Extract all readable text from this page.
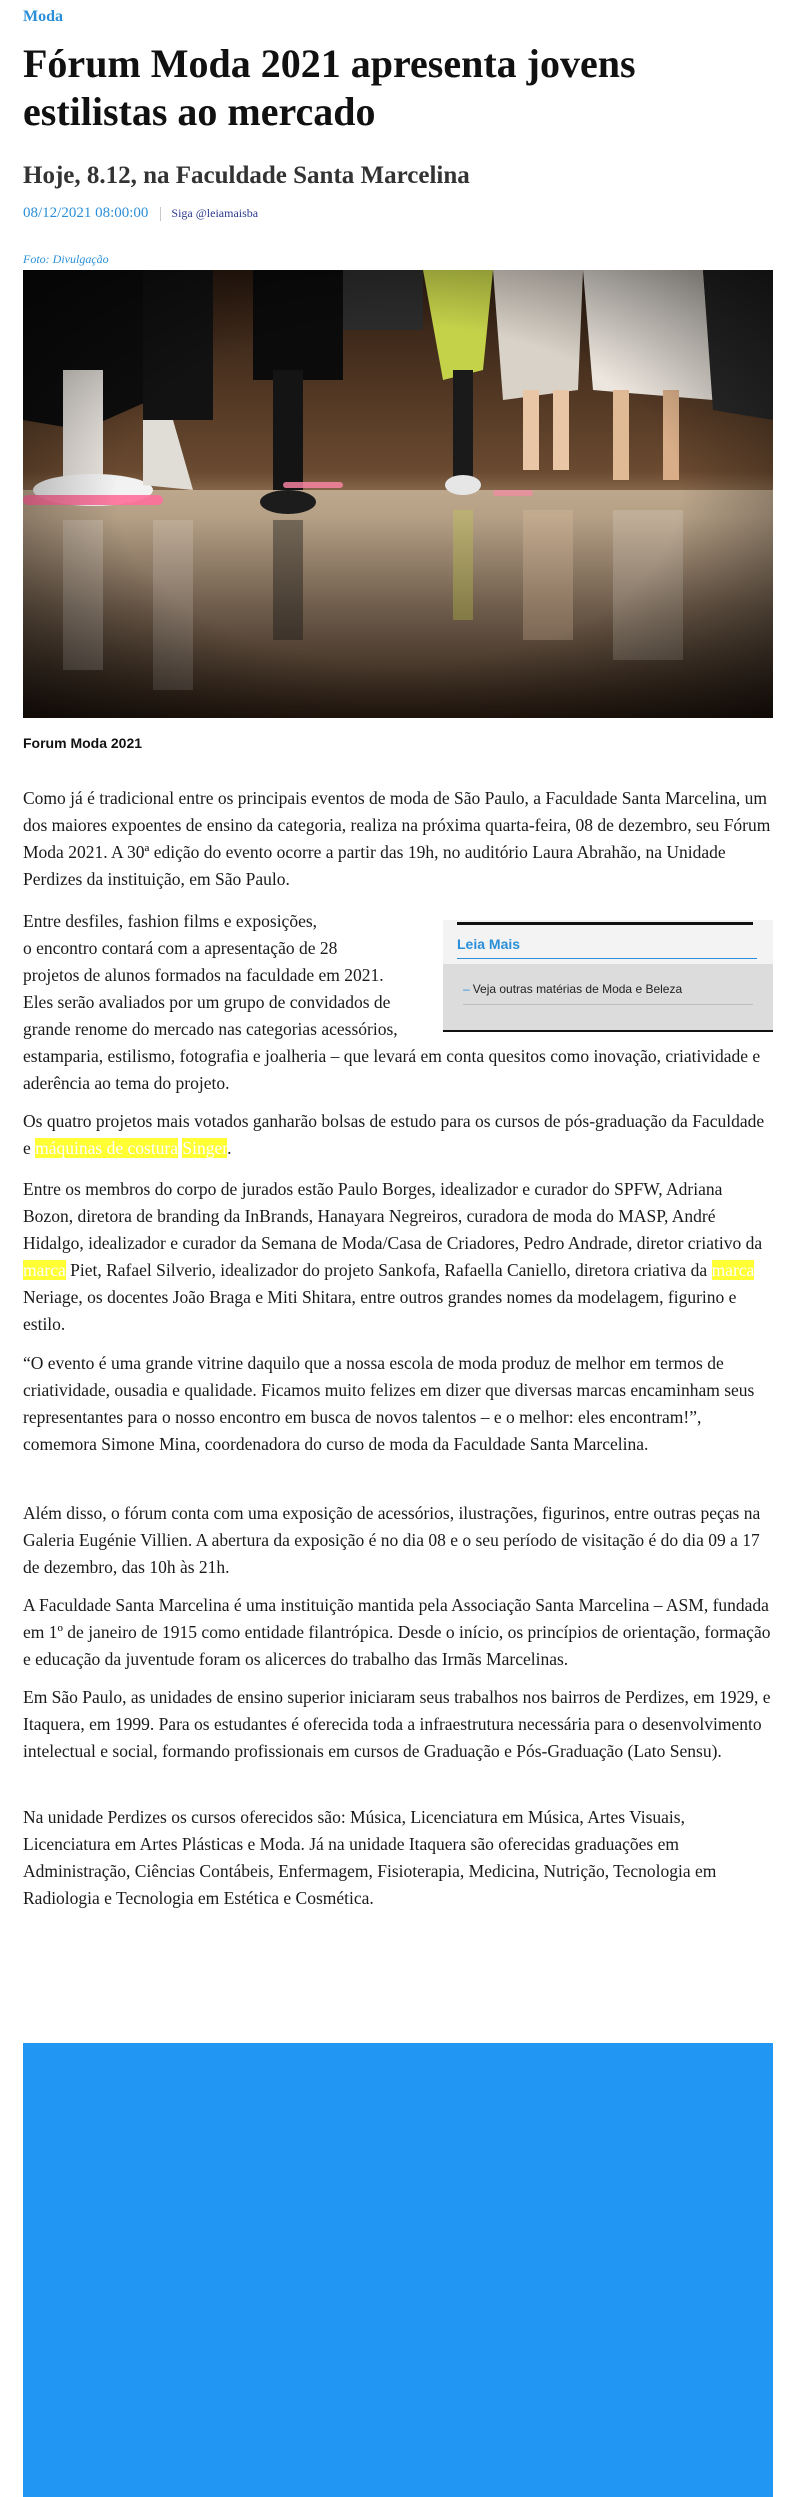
Moda
Fórum Moda 2021 apresenta jovens estilistas ao mercado
Hoje, 8.12, na Faculdade Santa Marcelina
08/12/2021 08:00:00 Siga @leiamaisba
Foto: Divulgação
Forum Moda 2021

Como já é tradicional entre os principais eventos de moda de São Paulo, a Faculdade Santa Marcelina, um dos maiores expoentes de ensino da categoria, realiza na próxima quarta-feira, 08 de dezembro, seu Fórum Moda 2021. A 30ª edição do evento ocorre a partir das 19h, no auditório Laura Abrahão, na Unidade Perdizes da instituição, em São Paulo.

Entre desfiles, fashion films e exposições,
o encontro contará com a apresentação de 28
projetos de alunos formados na faculdade em 2021.
Eles serão avaliados por um grupo de convidados de
grande renome do mercado nas categorias acessórios,

estamparia, estilismo, fotografia e joalheria – que levará em conta quesitos como inovação, criatividade e aderência ao tema do projeto.

Leia Mais
– Veja outras matérias de Moda e Beleza

Os quatro projetos mais votados ganharão bolsas de estudo para os cursos de pós-graduação da Faculdade e máquinas de costura Singer.

Entre os membros do corpo de jurados estão Paulo Borges, idealizador e curador do SPFW, Adriana Bozon, diretora de branding da InBrands, Hanayara Negreiros, curadora de moda do MASP, André Hidalgo, idealizador e curador da Semana de Moda/Casa de Criadores, Pedro Andrade, diretor criativo da marca Piet, Rafael Silverio, idealizador do projeto Sankofa, Rafaella Caniello, diretora criativa da marca Neriage, os docentes João Braga e Miti Shitara, entre outros grandes nomes da modelagem, figurino e estilo.

“O evento é uma grande vitrine daquilo que a nossa escola de moda produz de melhor em termos de criatividade, ousadia e qualidade. Ficamos muito felizes em dizer que diversas marcas encaminham seus representantes para o nosso encontro em busca de novos talentos – e o melhor: eles encontram!”, comemora Simone Mina, coordenadora do curso de moda da Faculdade Santa Marcelina.

Além disso, o fórum conta com uma exposição de acessórios, ilustrações, figurinos, entre outras peças na Galeria Eugénie Villien. A abertura da exposição é no dia 08 e o seu período de visitação é do dia 09 a 17 de dezembro, das 10h às 21h.

A Faculdade Santa Marcelina é uma instituição mantida pela Associação Santa Marcelina – ASM, fundada em 1º de janeiro de 1915 como entidade filantrópica. Desde o início, os princípios de orientação, formação e educação da juventude foram os alicerces do trabalho das Irmãs Marcelinas.

Em São Paulo, as unidades de ensino superior iniciaram seus trabalhos nos bairros de Perdizes, em 1929, e Itaquera, em 1999. Para os estudantes é oferecida toda a infraestrutura necessária para o desenvolvimento intelectual e social, formando profissionais em cursos de Graduação e Pós-Graduação (Lato Sensu).

Na unidade Perdizes os cursos oferecidos são: Música, Licenciatura em Música, Artes Visuais, Licenciatura em Artes Plásticas e Moda. Já na unidade Itaquera são oferecidas graduações em Administração, Ciências Contábeis, Enfermagem, Fisioterapia, Medicina, Nutrição, Tecnologia em Radiologia e Tecnologia em Estética e Cosmética.
